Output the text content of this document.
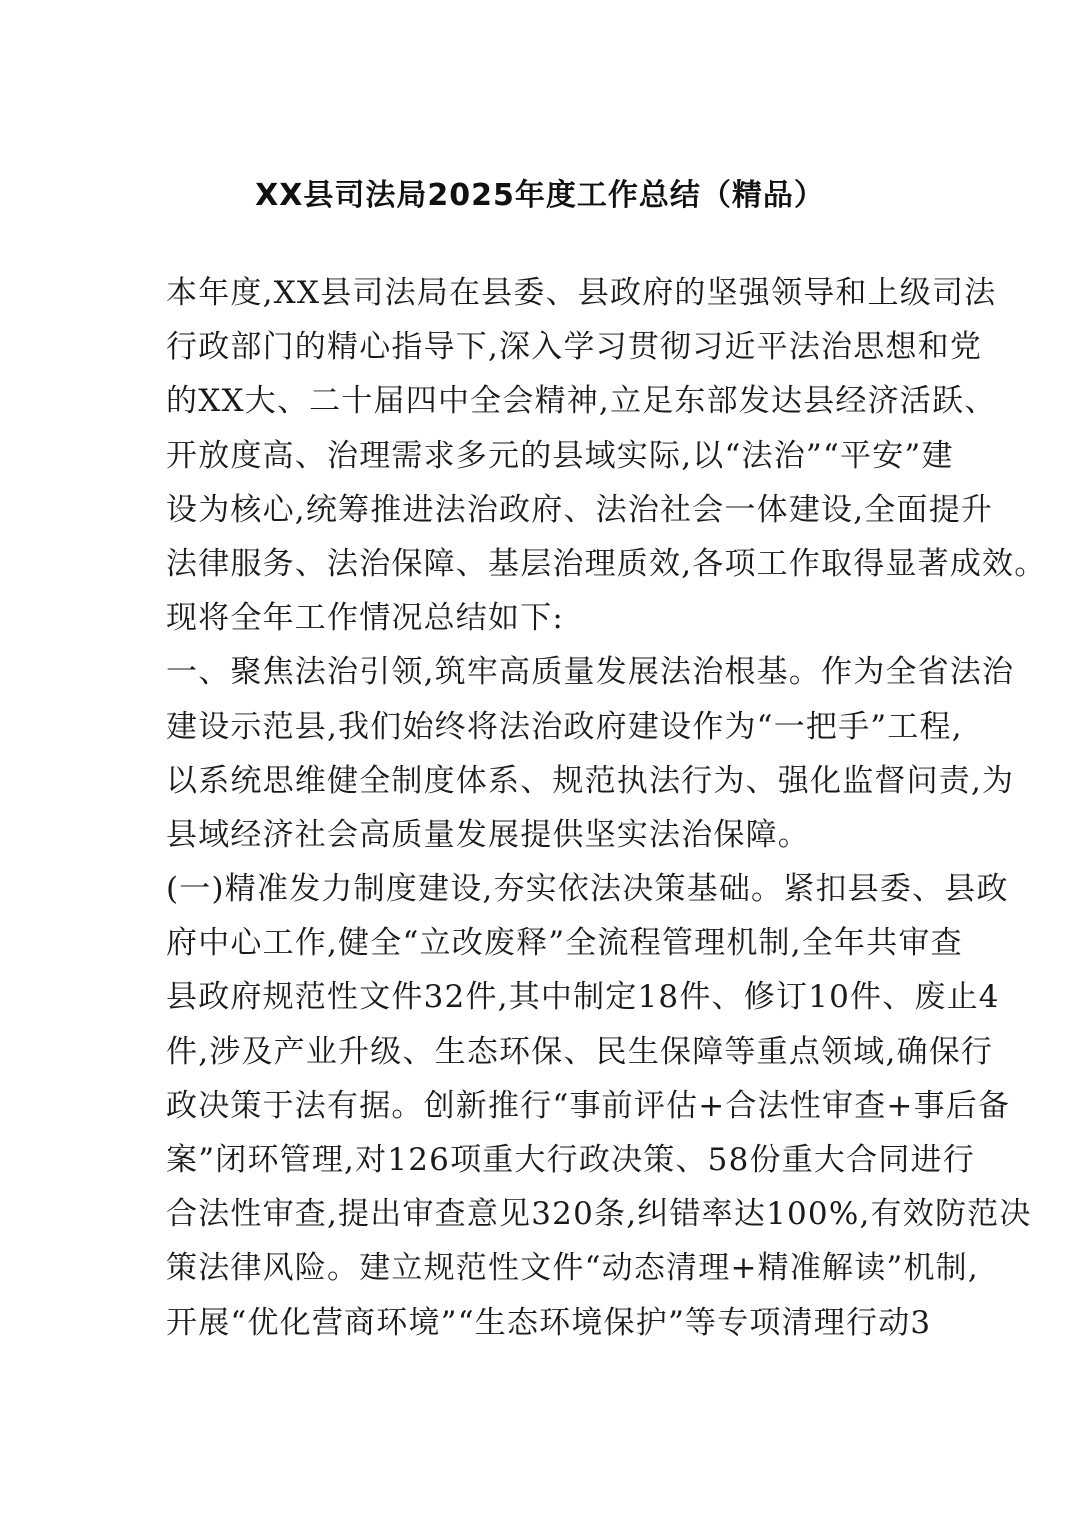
XX县司法局2025年度工作总结（精品）
本年度,XX县司法局在县委、县政府的坚强领导和上级司法
行政部门的精心指导下,深入学习贯彻习近平法治思想和党
的XX大、二十届四中全会精神,立足东部发达县经济活跃、
开放度高、治理需求多元的县域实际,以“法治”“平安”建
设为核心,统筹推进法治政府、法治社会一体建设,全面提升
法律服务、法治保障、基层治理质效,各项工作取得显著成效。
现将全年工作情况总结如下:
一、聚焦法治引领,筑牢高质量发展法治根基。作为全省法治
建设示范县,我们始终将法治政府建设作为“一把手”工程,
以系统思维健全制度体系、规范执法行为、强化监督问责,为
县域经济社会高质量发展提供坚实法治保障。
(一)精准发力制度建设,夯实依法决策基础。紧扣县委、县政
府中心工作,健全“立改废释”全流程管理机制,全年共审查
县政府规范性文件32件,其中制定18件、修订10件、废止4
件,涉及产业升级、生态环保、民生保障等重点领域,确保行
政决策于法有据。创新推行“事前评估+合法性审查+事后备
案”闭环管理,对126项重大行政决策、58份重大合同进行
合法性审查,提出审查意见320条,纠错率达100%,有效防范决
策法律风险。建立规范性文件“动态清理+精准解读”机制,
开展“优化营商环境”“生态环境保护”等专项清理行动3
